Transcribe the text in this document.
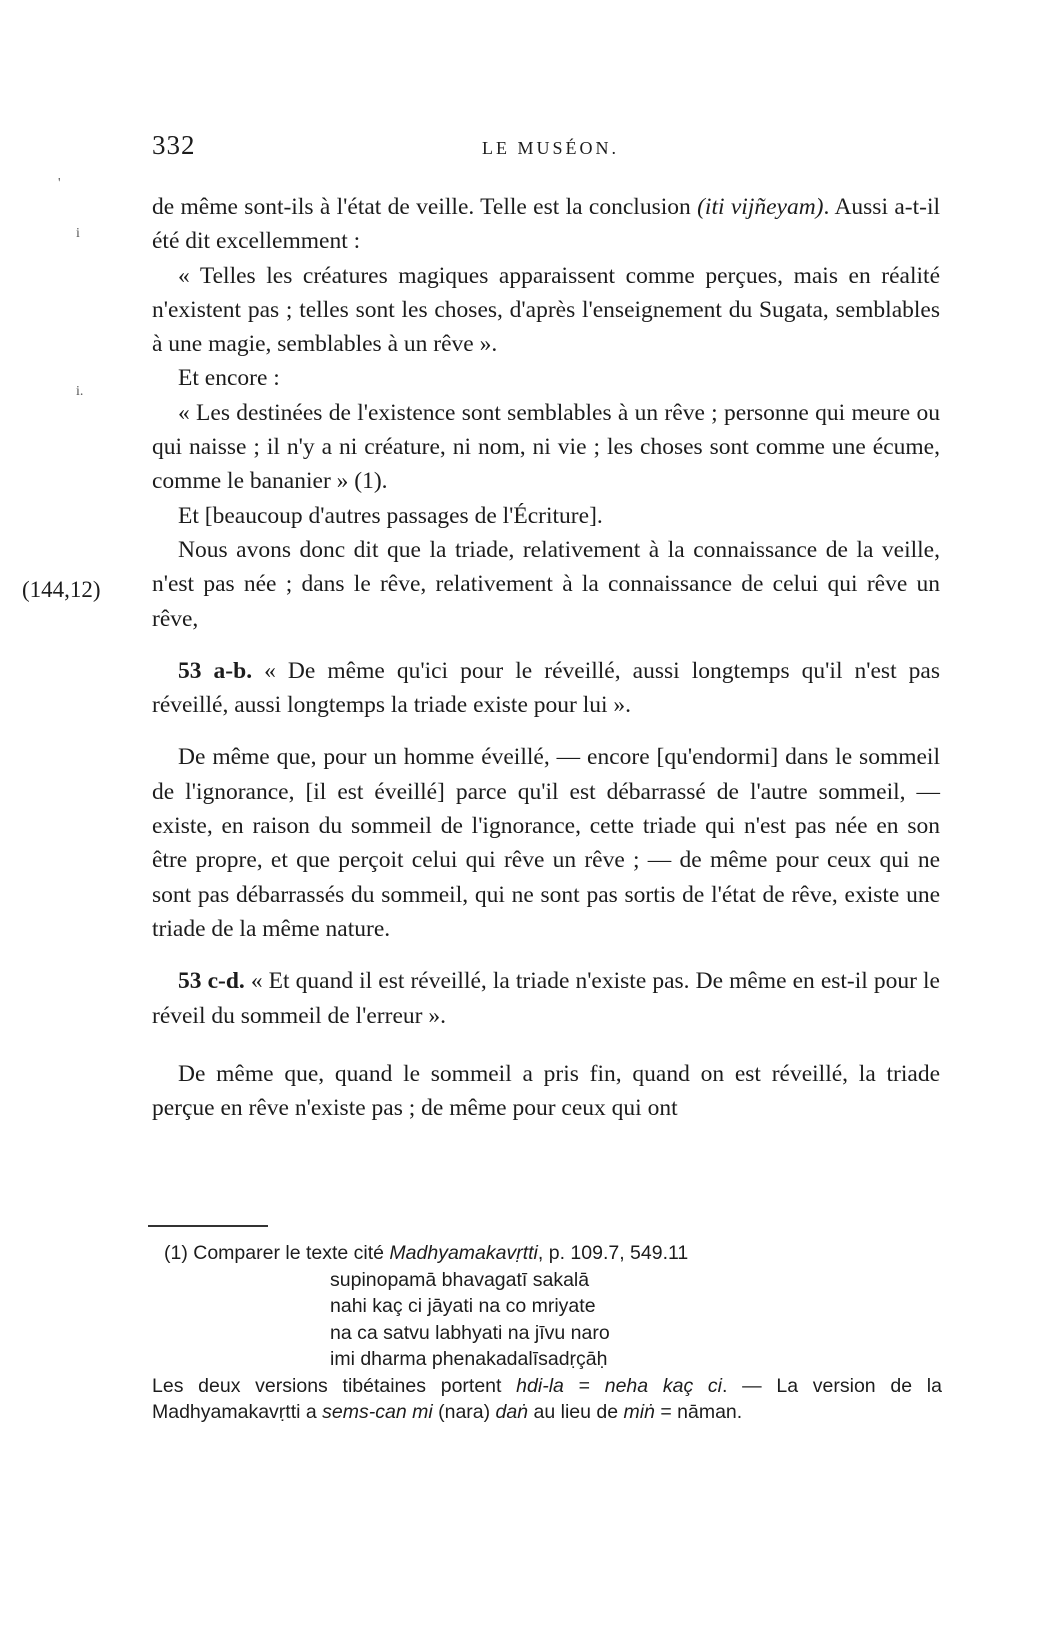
332	LE MUSÉON.
'
i
i.
(144,12)

de même sont-ils à l'état de veille. Telle est la conclusion (iti vijñeyam). Aussi a-t-il été dit excellemment :

« Telles les créatures magiques apparaissent comme perçues, mais en réalité n'existent pas ; telles sont les choses, d'après l'enseignement du Sugata, semblables à une magie, semblables à un rêve ».

Et encore :

« Les destinées de l'existence sont semblables à un rêve ; personne qui meure ou qui naisse ; il n'y a ni créature, ni nom, ni vie ; les choses sont comme une écume, comme le bananier » (1).

Et [beaucoup d'autres passages de l'Écriture].

Nous avons donc dit que la triade, relativement à la connaissance de la veille, n'est pas née ; dans le rêve, relativement à la connaissance de celui qui rêve un rêve,

53 a-b. « De même qu'ici pour le réveillé, aussi longtemps qu'il n'est pas réveillé, aussi longtemps la triade existe pour lui ».

De même que, pour un homme éveillé, — encore [qu'endormi] dans le sommeil de l'ignorance, [il est éveillé] parce qu'il est débarrassé de l'autre sommeil, — existe, en raison du sommeil de l'ignorance, cette triade qui n'est pas née en son être propre, et que perçoit celui qui rêve un rêve ; — de même pour ceux qui ne sont pas débarrassés du sommeil, qui ne sont pas sortis de l'état de rêve, existe une triade de la même nature.

53 c-d. « Et quand il est réveillé, la triade n'existe pas. De même en est-il pour le réveil du sommeil de l'erreur ».

De même que, quand le sommeil a pris fin, quand on est réveillé, la triade perçue en rêve n'existe pas ; de même pour ceux qui ont

(1) Comparer le texte cité Madhyamakavṛtti, p. 109.7, 549.11

supinopamā bhavagatī sakalā

nahi kaç ci jāyati na co mriyate

na ca satvu labhyati na jīvu naro

imi dharma phenakadalīsadṛçāḥ

Les deux versions tibétaines portent hdi-la = neha kaç ci. — La version de la Madhyamakavṛtti a sems-can mi (nara) daṅ au lieu de miṅ = nāman.
